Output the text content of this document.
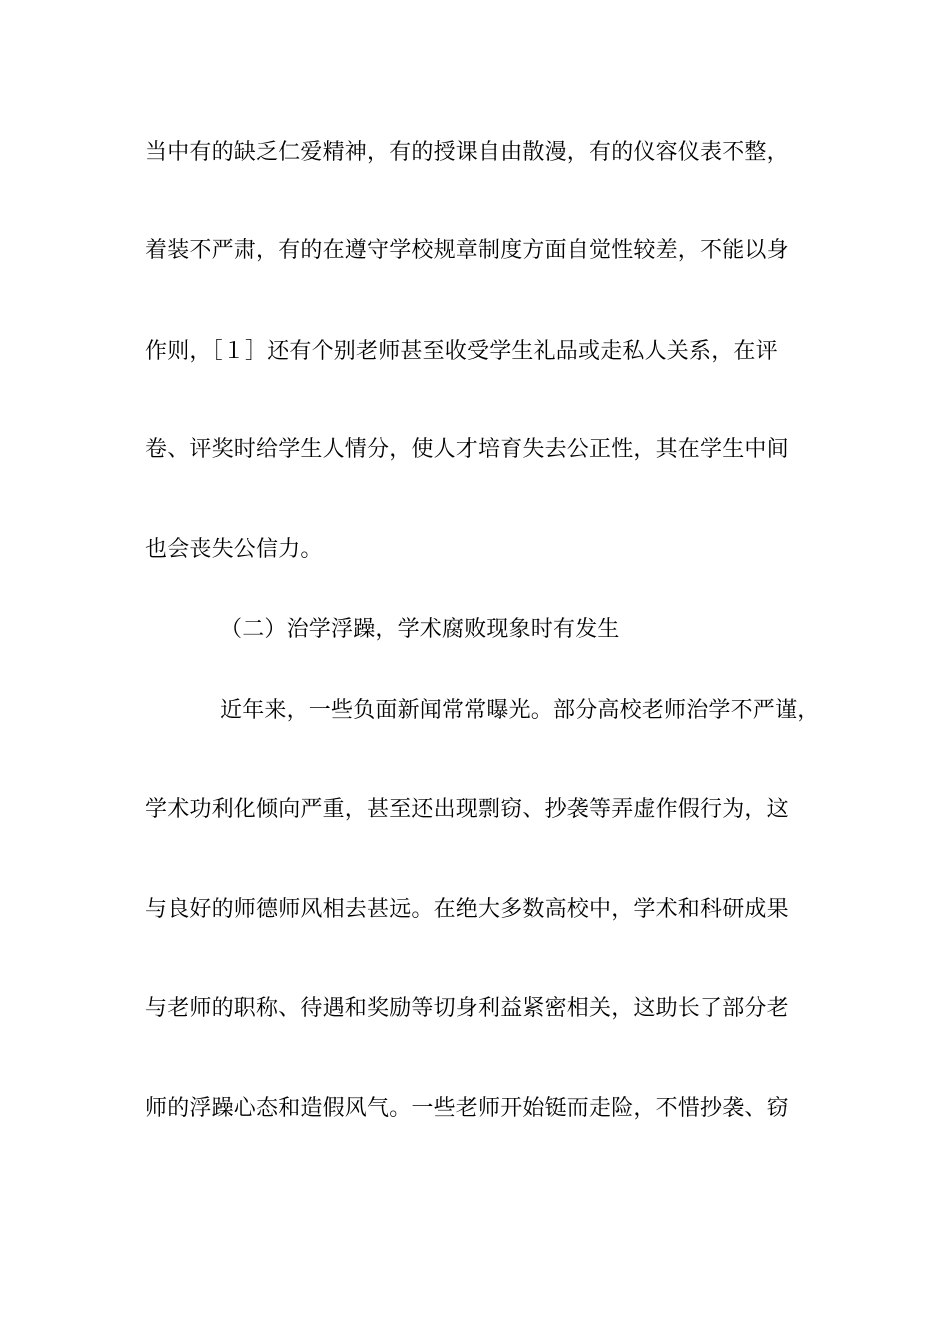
当中有的缺乏仁爱精神，有的授课自由散漫，有的仪容仪表不整，
着装不严肃，有的在遵守学校规章制度方面自觉性较差，不能以身
作则，［１］还有个别老师甚至收受学生礼品或走私人关系，在评
卷、评奖时给学生人情分，使人才培育失去公正性，其在学生中间
也会丧失公信力。
（二）治学浮躁，学术腐败现象时有发生
近年来，一些负面新闻常常曝光。部分高校老师治学不严谨，
学术功利化倾向严重，甚至还出现剽窃、抄袭等弄虚作假行为，这
与良好的师德师风相去甚远。在绝大多数高校中，学术和科研成果
与老师的职称、待遇和奖励等切身利益紧密相关，这助长了部分老
师的浮躁心态和造假风气。一些老师开始铤而走险，不惜抄袭、窃
